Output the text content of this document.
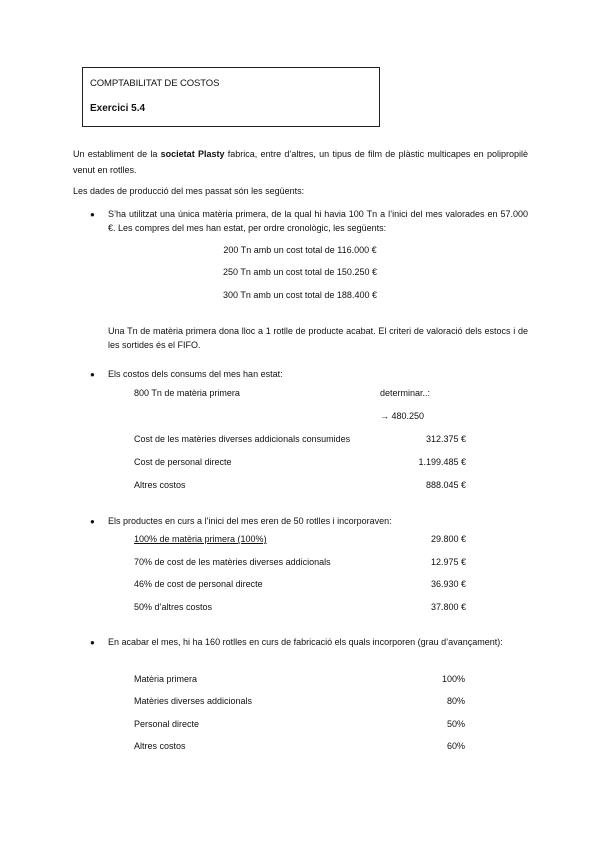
COMPTABILITAT DE COSTOS
Exercici 5.4
Un establiment de la societat Plasty fabrica, entre d’altres, un tipus de film de plàstic multicapes en polipropilè venut en rotlles.
Les dades de producció del mes passat són les següents:
● S’ha utilitzat una única matèria primera, de la qual hi havia 100 Tn a l’inici del mes valorades en 57.000 €. Les compres del mes han estat, per ordre cronològic, les següents:
200 Tn amb un cost total de 116.000 €
250 Tn amb un cost total de 150.250 €
300 Tn amb un cost total de 188.400 €
Una Tn de matèria primera dona lloc a 1 rotlle de producte acabat. El criteri de valoració dels estocs i de les sortides és el FIFO.
● Els costos dels consums del mes han estat:
800 Tn de matèria primera	determinar..:
→ 480.250
Cost de les matèries diverses addicionals consumides	312.375 €
Cost de personal directe	1.199.485 €
Altres costos	888.045 €
● Els productes en curs a l’inici del mes eren de 50 rotlles i incorporaven:
100% de matèria primera (100%)	29.800 €
70% de cost de les matèries diverses addicionals	12.975 €
46% de cost de personal directe	36.930 €
50% d’altres costos	37.800 €
● En acabar el mes, hi ha 160 rotlles en curs de fabricació els quals incorporen (grau d’avançament):
Matèria primera	100%
Matèries diverses addicionals	80%
Personal directe	50%
Altres costos	60%
